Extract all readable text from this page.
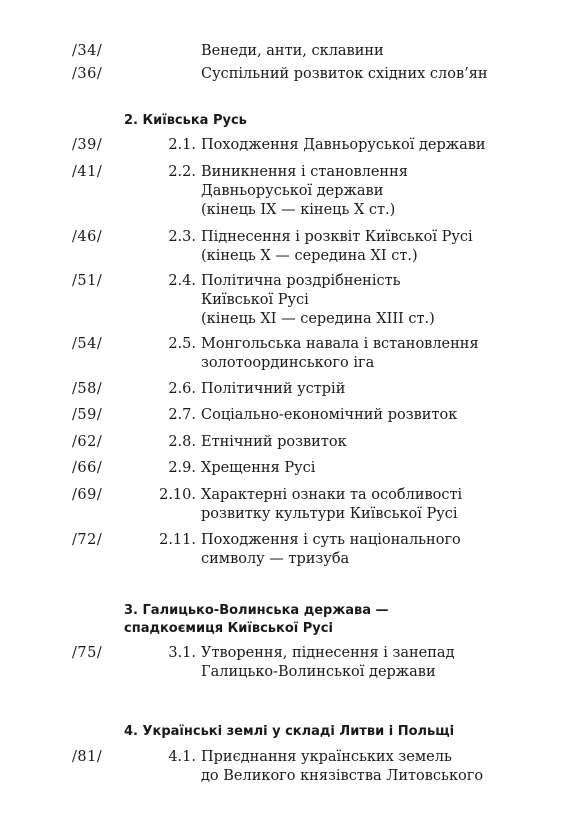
/34/	Венеди, анти, склавини
/36/	Суспільний розвиток східних слов’ян
2. Київська Русь
/39/	2.1. Походження Давньоруської держави
/41/	2.2. Виникнення і становлення
Давньоруської держави
(кінець IX — кінець X ст.)
/46/	2.3. Піднесення і розквіт Київської Русі
(кінець X — середина XI ст.)
/51/	2.4. Політична роздрібненість
Київської Русі
(кінець XI — середина XIII ст.)
/54/	2.5. Монгольська навала і встановлення
золотоординського іга
/58/	2.6. Політичний устрій
/59/	2.7. Соціально-економічний розвиток
/62/	2.8. Етнічний розвиток
/66/	2.9. Хрещення Русі
/69/	2.10. Характерні ознаки та особливості
розвитку культури Київської Русі
/72/	2.11. Походження і суть національного
символу — тризуба
3. Галицько-Волинська держава —
спадкоємиця Київської Русі
/75/	3.1. Утворення, піднесення і занепад
Галицько-Волинської держави
4. Українські землі у складі Литви і Польщі
/81/	4.1. Приєднання українських земель
до Великого князівства Литовського
